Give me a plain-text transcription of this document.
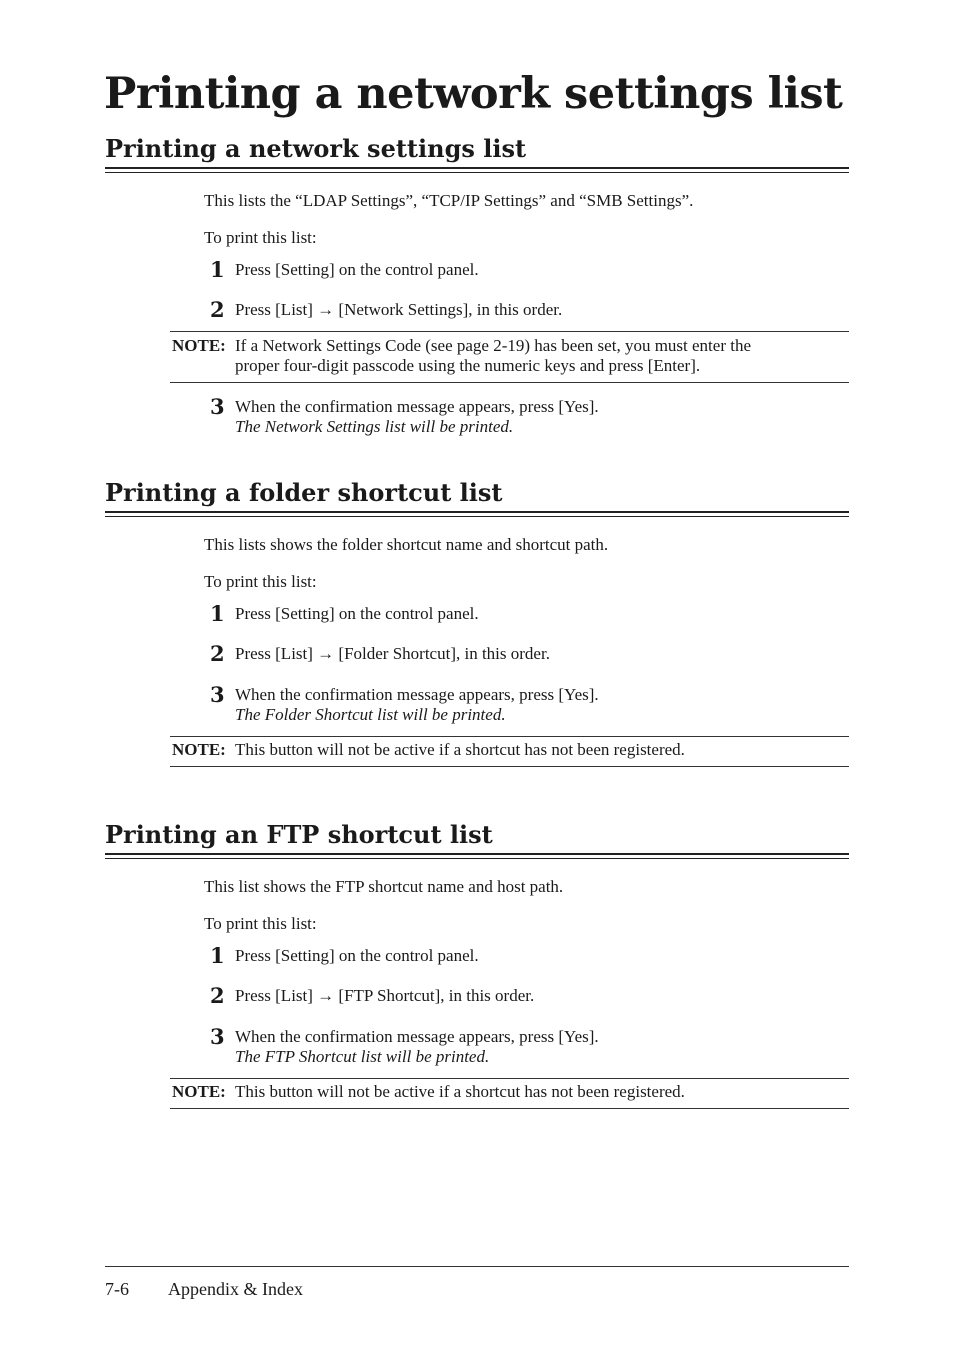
Printing a network settings list
Printing a network settings list
This lists the “LDAP Settings”, “TCP/IP Settings” and “SMB Settings”.
To print this list:
1 Press [Setting] on the control panel.
2 Press [List] → [Network Settings], in this order.
NOTE: If a Network Settings Code (see page 2-19) has been set, you must enter the
proper four-digit passcode using the numeric keys and press [Enter].
3 When the confirmation message appears, press [Yes].
The Network Settings list will be printed.
Printing a folder shortcut list
This lists shows the folder shortcut name and shortcut path.
To print this list:
1 Press [Setting] on the control panel.
2 Press [List] → [Folder Shortcut], in this order.
3 When the confirmation message appears, press [Yes].
The Folder Shortcut list will be printed.
NOTE: This button will not be active if a shortcut has not been registered.
Printing an FTP shortcut list
This list shows the FTP shortcut name and host path.
To print this list:
1 Press [Setting] on the control panel.
2 Press [List] → [FTP Shortcut], in this order.
3 When the confirmation message appears, press [Yes].
The FTP Shortcut list will be printed.
NOTE: This button will not be active if a shortcut has not been registered.
7-6 Appendix & Index
